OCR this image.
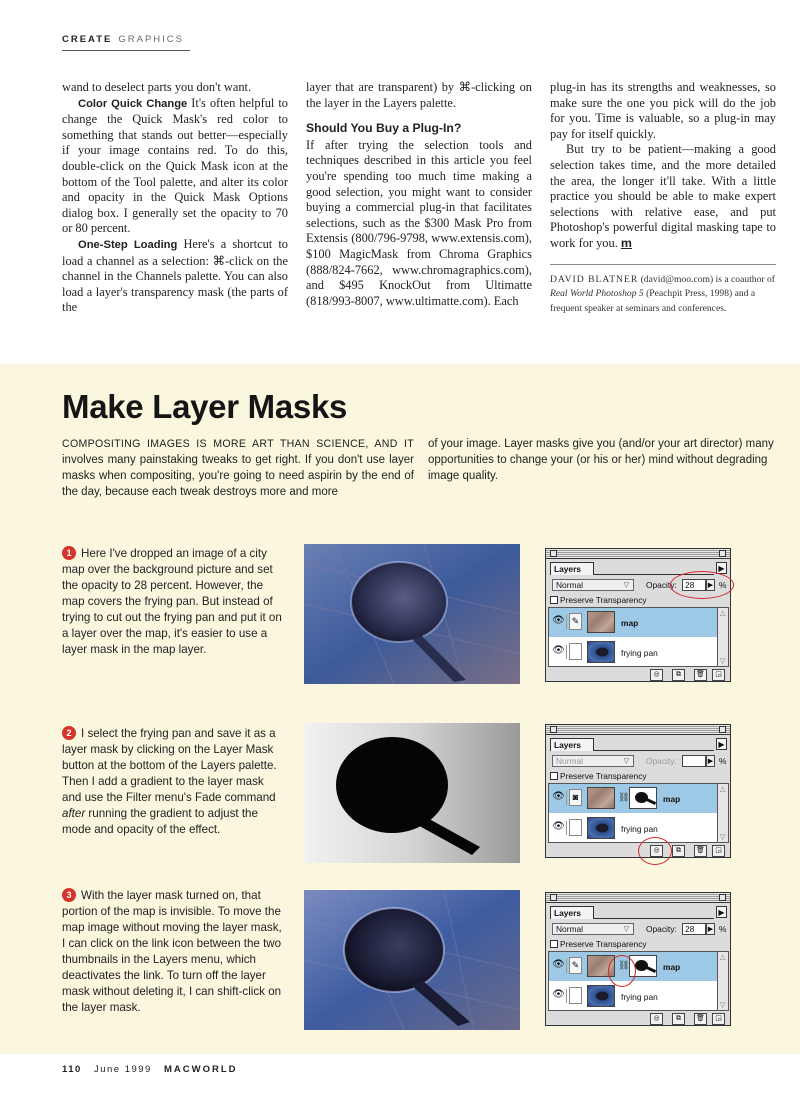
CREATE GRAPHICS

wand to deselect parts you don't want.

Color Quick Change It's often helpful to change the Quick Mask's red color to something that stands out better—especially if your image contains red. To do this, double-click on the Quick Mask icon at the bottom of the Tool palette, and alter its color and opacity in the Quick Mask Options dialog box. I generally set the opacity to 70 or 80 percent.

One-Step Loading Here's a shortcut to load a channel as a selection: ⌘-click on the channel in the Channels palette. You can also load a layer's transparency mask (the parts of the

layer that are transparent) by ⌘-clicking on the layer in the Layers palette.

Should You Buy a Plug-In?

If after trying the selection tools and techniques described in this article you feel you're spending too much time making a good selection, you might want to consider buying a commercial plug-in that facilitates selections, such as the $300 Mask Pro from Extensis (800/796-9798, www.extensis.com), $100 MagicMask from Chroma Graphics (888/824-7662, www.chromagraphics.com), and $495 KnockOut from Ultimatte (818/993-8007, www.ultimatte.com). Each

plug-in has its strengths and weaknesses, so make sure the one you pick will do the job for you. Time is valuable, so a plug-in may pay for itself quickly.

But try to be patient—making a good selection takes time, and the more detailed the area, the longer it'll take. With a little practice you should be able to make expert selections with relative ease, and put Photoshop's powerful digital masking tape to work for you. m

DAVID BLATNER (david@moo.com) is a coauthor of Real World Photoshop 5 (Peachpit Press, 1998) and a frequent speaker at seminars and conferences.

Make Layer Masks
COMPOSITING IMAGES IS MORE ART THAN SCIENCE, AND IT involves many painstaking tweaks to get right. If you don't use layer masks when compositing, you're going to need aspirin by the end of the day, because each tweak destroys more and more
of your image. Layer masks give you (and/or your art director) many opportunities to change your (or his or her) mind without degrading image quality.
1 Here I've dropped an image of a city map over the background picture and set the opacity to 28 percent. However, the map covers the frying pan. But instead of trying to cut out the frying pan and put it on a layer over the map, it's easier to use a layer mask in the map layer.
Layers	▶
Normal	▽ Opacity: 28	▶ %
Preserve Transparency
👁 ✎	map
👁	frying pan
△
▽
◎	⧉	🗑	◲
2 I select the frying pan and save it as a layer mask by clicking on the Layer Mask button at the bottom of the Layers palette. Then I add a gradient to the layer mask and use the Filter menu's Fade command after running the gradient to adjust the mode and opacity of the effect.
Layers	▶
Normal	▽ Opacity:	▶ %
Preserve Transparency
👁 ◙	⛓	map
👁	frying pan
△
▽
◎	⧉	🗑	◲
3 With the layer mask turned on, that portion of the map is invisible. To move the map image without moving the layer mask, I can click on the link icon between the two thumbnails in the Layers menu, which deactivates the link. To turn off the layer mask without deleting it, I can shift-click on the layer mask.
Layers	▶
Normal	▽ Opacity: 28	▶ %
Preserve Transparency
👁 ✎	⛓	map
👁	frying pan
△
▽
◎	⧉	🗑	◲
110 June 1999 MACWORLD
